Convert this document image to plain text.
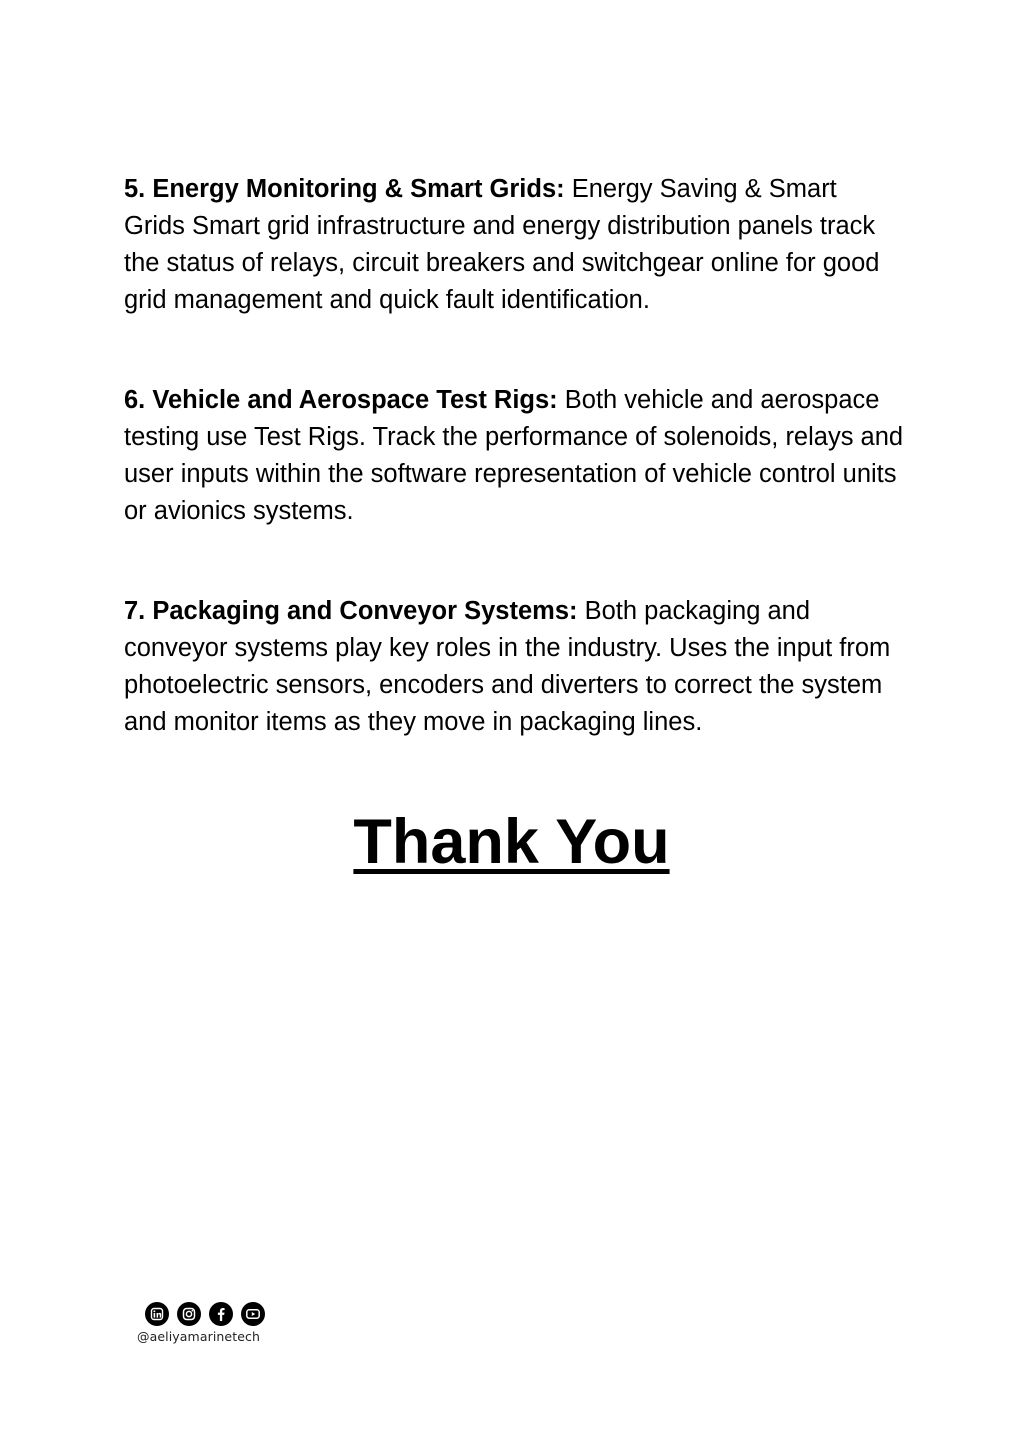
5. Energy Monitoring & Smart Grids: Energy Saving & Smart Grids Smart grid infrastructure and energy distribution panels track the status of relays, circuit breakers and switchgear online for good grid management and quick fault identification.

6. Vehicle and Aerospace Test Rigs: Both vehicle and aerospace testing use Test Rigs. Track the performance of solenoids, relays and user inputs within the software representation of vehicle control units or avionics systems.

7. Packaging and Conveyor Systems: Both packaging and conveyor systems play key roles in the industry. Uses the input from photoelectric sensors, encoders and diverters to correct the system and monitor items as they move in packaging lines.

Thank You
@aeliyamarinetech
